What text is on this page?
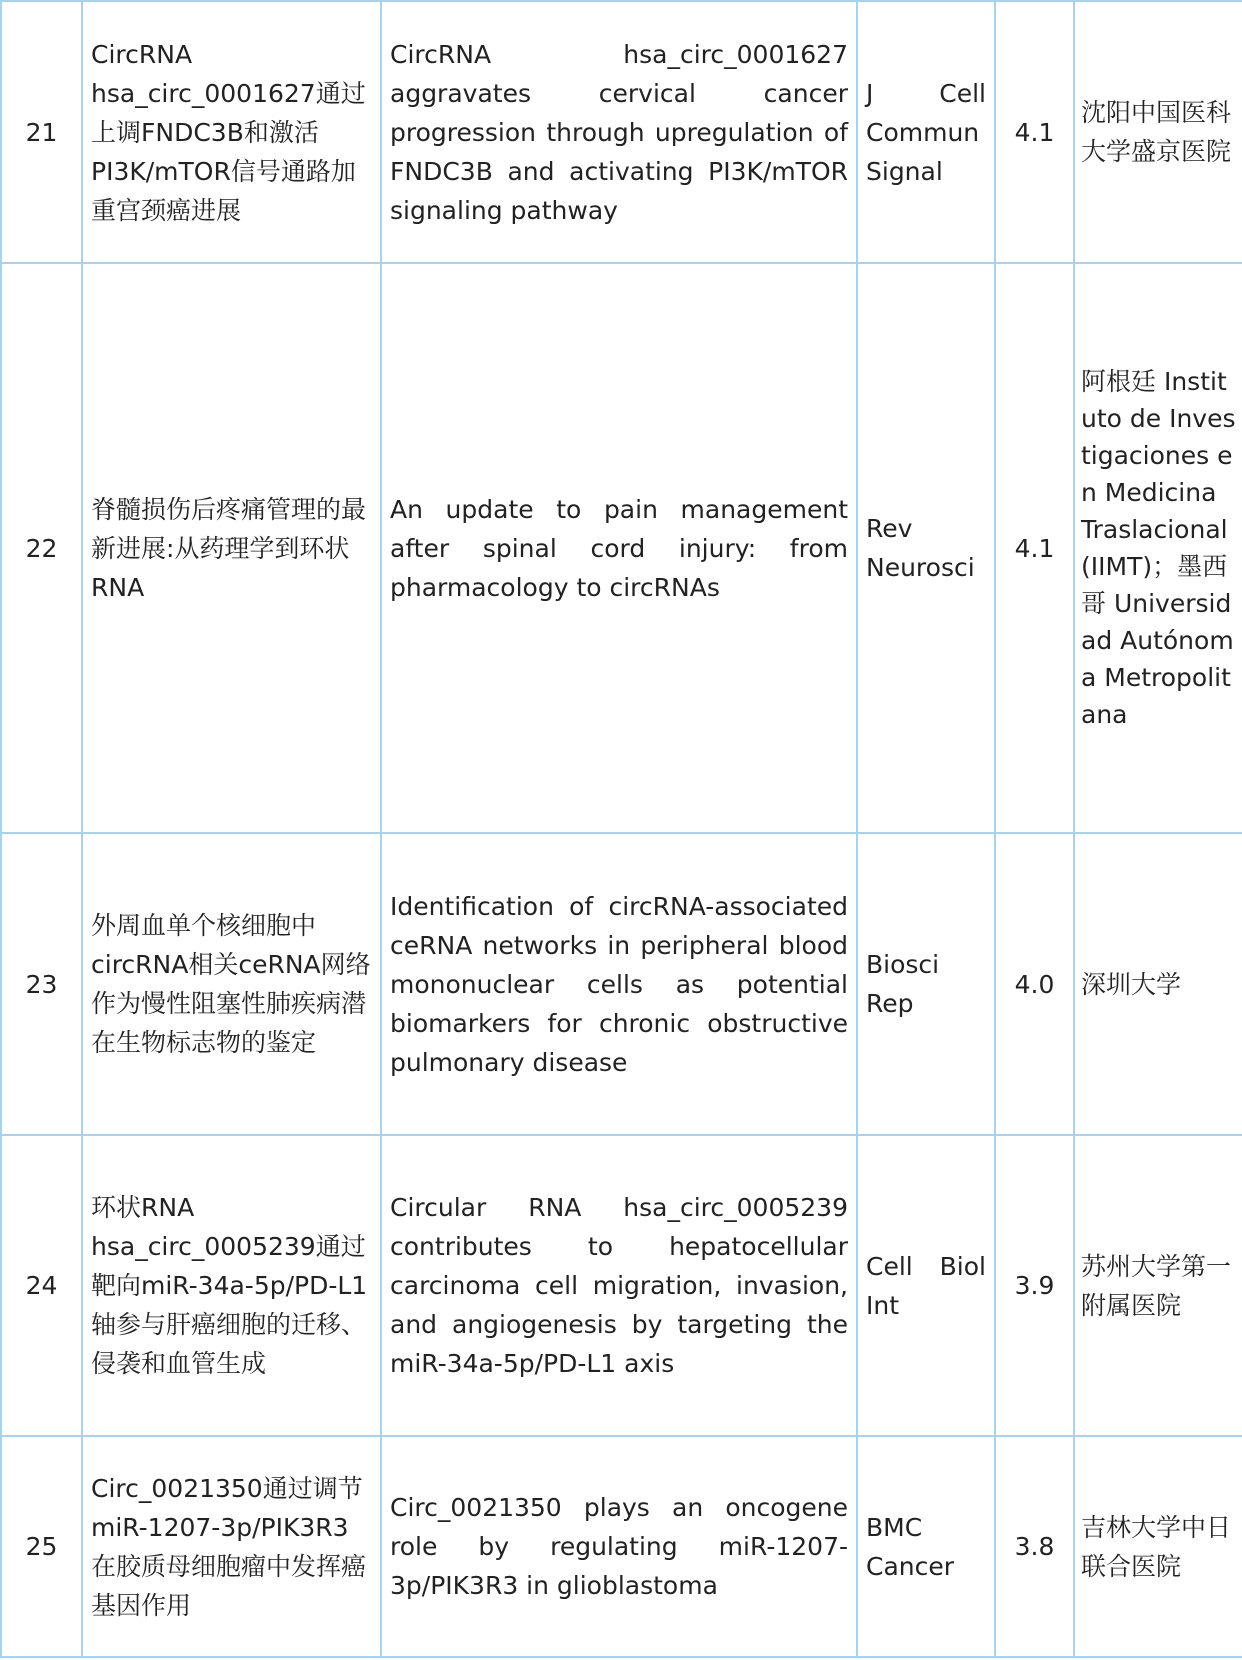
21	CircRNA hsa_circ_0001627通过上调FNDC3B和激活PI3K/mTOR信号通路加重宫颈癌进展	CircRNA hsa_circ_0001627 aggravates cervical cancer progression through upregulation of FNDC3B and activating PI3K/mTOR signaling pathway	J Cell Commun Signal	4.1	沈阳中国医科大学盛京医院
22	脊髓损伤后疼痛管理的最新进展:从药理学到环状RNA	An update to pain management after spinal cord injury: from pharmacology to circRNAs	Rev Neurosci	4.1	阿根廷 Instituto de Investigaciones en Medicina Traslacional (IIMT)；墨西哥 Universidad Autónoma Metropolitana
23	外周血单个核细胞中circRNA相关ceRNA网络作为慢性阻塞性肺疾病潜在生物标志物的鉴定	Identification of circRNA-associated ceRNA networks in peripheral blood mononuclear cells as potential biomarkers for chronic obstructive pulmonary disease	Biosci Rep	4.0	深圳大学
24	环状RNA hsa_circ_0005239通过靶向miR-34a-5p/PD-L1轴参与肝癌细胞的迁移、侵袭和血管生成	Circular RNA hsa_circ_0005239 contributes to hepatocellular carcinoma cell migration, invasion, and angiogenesis by targeting the miR-34a-5p/PD-L1 axis	Cell Biol Int	3.9	苏州大学第一附属医院
25	Circ_0021350通过调节miR-1207-3p/PIK3R3在胶质母细胞瘤中发挥癌基因作用	Circ_0021350 plays an oncogene role by regulating miR-1207-3p/PIK3R3 in glioblastoma	BMC Cancer	3.8	吉林大学中日联合医院
